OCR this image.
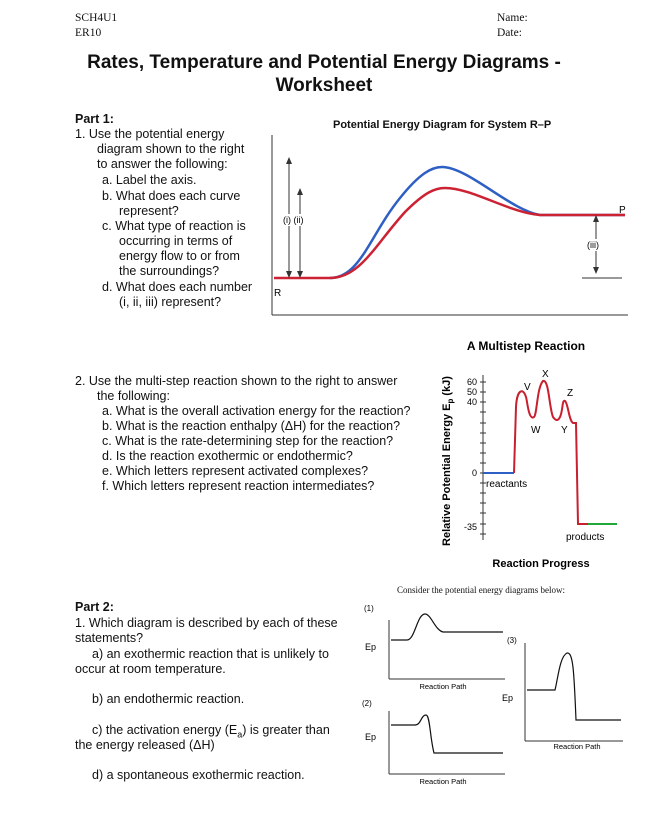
SCH4U1
ER10
Name:
Date:
Rates, Temperature and Potential Energy Diagrams -
Worksheet
Part 1:
1. Use the potential energy
diagram shown to the right
to answer the following:
a. Label the axis.
b. What does each curve
represent?
c. What type of reaction is
occurring in terms of
energy flow to or from
the surroundings?
d. What does each number
(i, ii, iii) represent?
Potential Energy Diagram for System R–P
(i) (ii)
R
P
(iii)
2. Use the multi-step reaction shown to the right to answer
the following:
a. What is the overall activation energy for the reaction?
b. What is the reaction enthalpy (ΔH) for the reaction?
c. What is the rate-determining step for the reaction?
d. Is the reaction exothermic or endothermic?
e. Which letters represent activated complexes?
f. Which letters represent reaction intermediates?
A Multistep Reaction
Relative Potential Energy $E_p$ (kJ) 60
50
40
0
-35
V
W
X
Y
Z
reactants
products
Reaction Progress
Part 2:
1. Which diagram is described by each of these
statements?
a) an exothermic reaction that is unlikely to
occur at room temperature.
b) an endothermic reaction.
c) the activation energy $(E_a)$ is greater than
the energy released (ΔH)
d) a spontaneous exothermic reaction.
Consider the potential energy diagrams below:
(1)
Ep
Reaction Path
(2)
Ep
Reaction Path
(3)
Ep
Reaction Path
